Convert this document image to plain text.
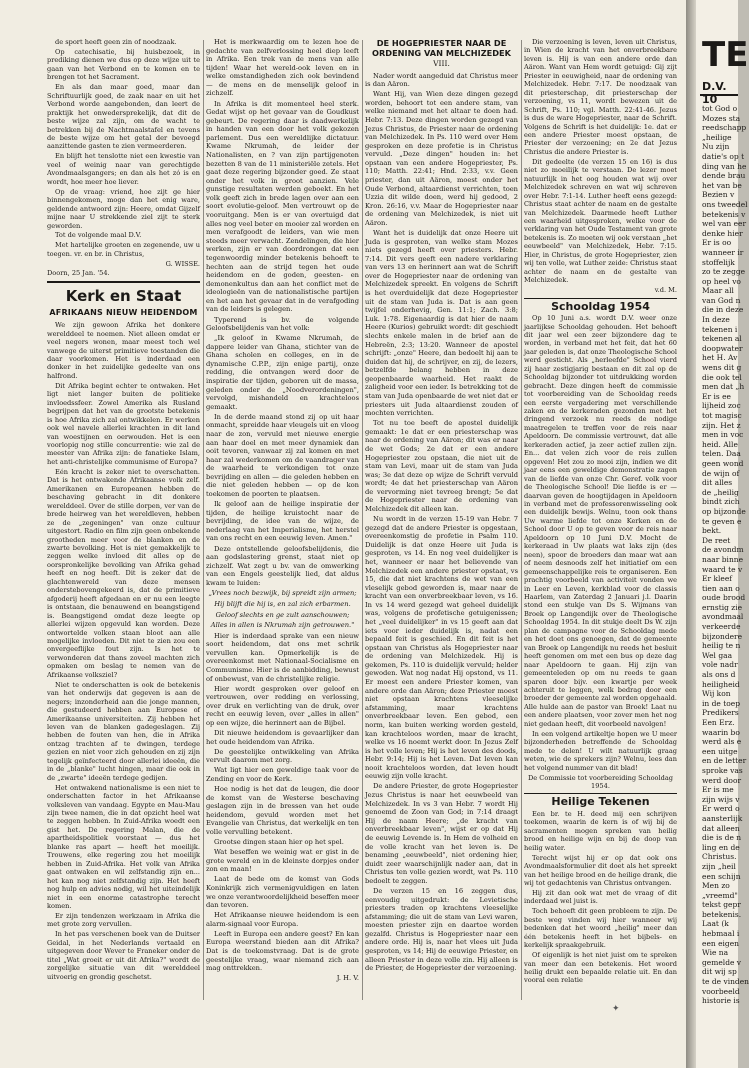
de sport heeft geen zin of noodzaak.

Op catechisatie, bij huisbezoek, in prediking dienen we dus op deze wijze uit te gaan van het Verbond en te komen en te brengen tot het Sacrament.

En als dan maar goed, maar dan Schriftuurlijk goed, de zaak naar en uit het Verbond worde aangebonden, dan leert de praktijk het onwedersprekelijk, dat dit de beste wijze zal zijn, om de wacht te betrekken bij de Nachtmaalstafel en tevens de beste wijze om het getal der bevoegd aanzittende gasten te zien vermeerderen.

En blijft het tenslotte niet een kwestie van veel of weinig naar van gerechtigde Avondmaalsgangers; en dan als het zó is en wordt, hoe meer hoe liever.

Op de vraag: vriend, hoe zijt ge hier binnengekomen, moge dan het enig ware, geldende antwoord zijn: Heere, omdat Gijzelf mijne naar U strekkende ziel zijt te sterk geworden.

Tot de volgende maal D.V.

Met hartelijke groeten en zegenende, uw u toegen. vr. en br. in Christus,

G. WISSE.
Doorn, 25 Jan. '54.
Kerk en Staat
AFRIKAANS NIEUW HEIDENDOM

We zijn gewoon Afrika het donkere werelddeel te noemen. Niet alleen omdat er veel negers wonen, maar meest toch wel vanwege de uiterst primitieve toestanden die daar voorkomen. Het is inderdaad een donker in het zuidelijke gedeelte van ons halfrond.

Dit Afrika begint echter te ontwaken. Het ligt niet langer buiten de politieke invloedssfeer. Zowel Amerika als Rusland begrijpen dat het van de grootste betekenis is hoe Afrika zich zal ontwikkelen. Er werken ook wel navele allerlei krachten in dit land van woestijnen en oerwouden. Het is een voorlopig nog stille concurrentie: wie zal de meester van Afrika zijn: de fanatieke Islam, het anti-christelijke communisme of Europa?

Eén kracht is zeker niet te overschatten. Dat is het ontwakende Afrikaanse volk zelf. Amerikanen en Europeanen hebben de beschaving gebracht in dit donkere werelddeel. Over de stille dorpen, ver van de brede heirweg van het wereldleven, hebben ze de „zegeningen" van onze cultuur uitgestort. Radio en film zijn geen onbekende grootheden meer voor de blanken en de zwarte bevolking. Het is niet gemakkelijk te zeggen welke invloed dit alles op de oorspronkelijke bevolking van Afrika gehad heeft en nog heeft. Dit is zeker dat de glachtenwereld van deze mensen onderstebovengekeerd is, dat de primitieve afgoderij heeft afgedaan en er nu een leegte is ontstaan, die benauwend en beangstigend is. Beangstigend omdat deze leegte op allerlei wijzen opgevuld kan worden. Deze ontwortelde volken staan bloot aan alle mogelijke invloeden. Dit niet te zien zou een onvergeeflijke fout zijn. Is het te verwonderen dat thans zoveel machten zich opmaken om beslag te nemen van de Afrikaanse volksziel?

Niet te onderschatten is ook de betekenis van het onderwijs dat gegeven is aan de negers; inzonderheid aan die jonge mannen, die gestudeerd hebben aan Europese of Amerikaanse universiteiten. Zij hebben het leven van de blanken gadegeslagen. Zij hebben de fouten van hen, die in Afrika ontzag trachten af te dwingen, terdege gezien en niet voor zich gehouden en zij zijn tegelijk geïnfecteerd door allerlei ideeën, die in de „blanke" lucht hingen, maar die ook in de „zwarte" ideeën terdege gedijen.

Het ontwakend nationalisme is een niet te onderschatten factor in het Afrikaanse volksleven van vandaag. Egypte en Mau-Mau zijn twee namen, die in dat opzicht heel wat te zeggen hebben. In Zuid-Afrika woedt een gist het. De regering Malan, die de apartheidspolitiek voorstaat — dus het blanke ras apart — heeft het moeilijk. Trouwens, elke regering zou het moeilijk hebben in Zuid-Afrika. Het volk van Afrika gaat ontwaken en wil zelfstandig zijn en... het kan nog niet zelfstandig zijn. Het heeft nog hulp en advies nodig, wil het uiteindelijk niet in een enorme catastrophe terecht komen.

Er zijn tendenzen werkzaam in Afrika die met grote zorg vervullen.

In het pas verschenen boek van de Duitser Geidal, in het Nederlands vertaald en uitgegeven door Wever te Franeker onder de titel „Wat groeit er uit dit Afrika?" wordt de zorgelijke situatie van dit werelddeel uitvoerig en grondig geschetst.

Het is merkwaardig om te lezen hoe de gedachte van zelfverlossing heel diep leeft in Afrika. Een trek van de mens van alle tijden! Waar het wereld-ook leven en in welke omstandigheden zich ook bevindend — de mens en de menselijk geloof in zichzelf.

In Afrika is dit momenteel heel sterk. Gedat wijst op het gevaar van de Goudkust gebeurt. De regering daar is daadwerkelijk in handen van een door het volk gekozen parlement. Dus een wereldlijke dictatuur. Kwame Nkrumah, de leider der Nationalisten, en ? van zijn partijgenoten bezetten 8 van de 11 ministeriële zetels. Het gaat deze regering bijzonder goed. Ze staat onder het volk in groot aanzien. Vele gunstige resultaten werden geboekt. En het volk geeft zich in brede lagen over aan een soort evolutie-geloof. Men vertrouwt op de vooruitgang. Men is er van overtuigd dat alles nog veel beter en mooier zal worden en men verafgoodt de leiders, van wie men steeds meer verwacht. Zendelingen, die hier werken, zijn er van doordrongen dat een tegenwoordig minder betekenis behoeft te hechten aan de strijd tegen het oude heidendom en de goden, geesten- en demonenkultus dan aan het conflict met de ideologieën van de nationalistische partijen en het aan het gevaar dat in de verafgoding van de leiders is gelegen.

Typerend is bv. de volgende Geloofsbelijdenis van het volk:

„Ik geloof in Kwame Nkrumah, de dappere leider van Ghana, stichter van de Ghana scholen en colleges, en in de dynamische C.P.P., zijn enige partij, onze redding, die ontvangen werd door de inspiratie der tijden, geboren uit de massa, geleden onder de „Noodverordeningen", vervolgd, mishandeld en krachteloos gemaakt.

In de derde maand stond zij op uit haar onmacht, spreidde haar vleugels uit en vloog naar de zon, vervuld met nieuwe energie aan haar doel en met meer dynamiek dan ooit tevoren, vanwaar zij zal komen en met haar zal wederkomen om de vaandrager van de waarheid te verkondigen tot onze bevrijding en allen — die geleden hebben en die niet geleden hebben — op de kon toekomen de poorten te plaatsen.

Ik geloof aan de heilige inspiratie der tijden, de heilige kruistocht naar de bevrijding, de idee van de wijze, de nederlaag van het Imperialisme, het herstel van ons recht en een eeuwig leven. Amen."

Deze ontstellende geloofsbelijdenis, die aan godslastering grenst, staat niet op zichzelf. Wat zegt u bv. van de omwerking van een Engels geestelijk lied, dat aldus kwam te luiden:

„Vrees noch bezwijk, bij spreidt zijn armen;
Hij blijft die hij is, en zal zich erbarmen.
Geloof slechts en ge zult aanschouwen;
Alles in allen is Nkrumah zijn getrouwen."

Hier is inderdaad sprake van een nieuw soort heidendom, dat ons met schrik vervullen kan. Opmerkelijk is de overeenkomst met Nationaal-Socialisme en Communisme. Hier is de aanbidding, bewust of onbewust, van de christelijke religie.

Hier wordt gesproken over geloof en vertrouwen, over redding en verlossing, over druk en verlichting van de druk, over recht en eeuwig leven, over „alles in allen" op een wijze, die herinnert aan de Bijbel.

Dit nieuwe heidendom is gevaarlijker dan het oude heidendom van Afrika.

De geestelijke ontwikkeling van Afrika vervult daarom met zorg.

Wat ligt hier een geweldige taak voor de Zending en voor de Kerk.

Hoe nodig is het dat de leugen, die door de komst van de Westerse beschaving geslagen zijn in de bressen van het oude heidendom, gevuld worden met het Evangelie van Christus, dat werkelijk en ten volle vervulling betekent.

Grootse dingen staan hier op het spel.

Wat beseffen we weinig wat er gist in de grote wereld en in de kleinste dorpjes onder zon en maan!

Laat de bede om de komst van Gods Koninkrijk zich vermenigvuldigen en laten we onze verantwoordelijkheid beseffen meer dan tevoren.

Het Afrikaanse nieuwe heidendom is een alarm-signaal voor Europa.

Leeft in Europa een andere geest? En kan Europa weerstand bieden aan dit Afrika? Dat is de toekomstvraag. Dat is de grote geestelijke vraag, waar niemand zich aan mag onttrekken.

J. H. V.
DE HOGEPRIESTER NAAR DE ORDENING VAN MELCHIZEDEK
VIII.

Nader wordt aangeduid dat Christus meer is dan Aäron.

Want Hij, van Wien deze dingen gezegd worden, behoort tot een andere stam, van welke niemand met het altaar te doen had. Hebr. 7:13. Deze dingen worden gezegd van Jezus Christus, de Priester naar de ordening van Melchizedek. In Ps. 110 werd over Hem gesproken en deze profetie is in Christus vervuld. „Deze dingen" houden in: het opstaan van een andere Hogepriester, Ps. 110; Matth. 22:41; Hnd. 2:33, v.v. Geen priester, dan uit Aäron, moest onder het Oude Verbond, altaardienst verrichten, toen Uzzia dit wilde doen, werd hij gedood, 2 Kron. 26:16, v.v. Maar de Hogepriester naar de ordening van Melchizedek, is niet uit Aäron.

Want het is duidelijk dat onze Heere uit Juda is gesproten, van welke stam Mozes niets gezegd heeft over priesters. Hebr. 7:14. Dit vers geeft een nadere verklaring van vers 13 en herinnert aan wat de Schrift over de Hogepriester naar de ordening van Melchizedek spreekt. En volgens de Schrift is het overduidelijk dat deze Hogepriester uit de stam van Juda is. Dat is aan geen twijfel onderhevig, Gen. 11:1; Zach. 3:8; Luk. 1:78. Eigenaardig is dat hier de naam Heere (Kurios) gebruikt wordt: dit geschiedt slechts enkele malen in de brief aan de Hebreën, 2:3; 13:20. Wanneer de apostel schrijft: „onze" Heere, dan bedoelt hij aan te duiden dat hij, de schrijver, en zij, de lezers, betzelfde belang hebben in deze geopenbaarde waarheid. Het raakt de zaligheid voor een ieder. Is betrekking tot de stam van Juda openbaarde de wet niet dat er priesters uit Juda altaardienst zouden of mochten verrichten.

Tot nu toe beeft de apostel duidelijk gemaakt: 1e dat er een priesterschap was naar de ordening van Aäron; dit was er naar de wet Gods; 2e dat er een andere Hogepriester zou opstaan, die niet uit de stam van Levi, maar uit de stam van Juda was; 3e dat deze op wijze de Schrift vervuld wordt; 4e dat het priesterschap van Aäron de vervorming niet tevreeg brengt; 5e dat de Hogepriester naar de ordening van Melchizedek dit alleen kan.

Nu wordt in de verzen 15-19 van Hebr. 7 gezegd dat de andere Priester is opgestaan, overeenkomstig de profetie in Psalm 110. Duidelijk is dat onze Heere uit Juda is gesproten, vs 14. En nog veel duidelijker is het, wanneer er naar het believende van Melchizedek een andere priester opstaat, vs 15, die dat niet krachtens de wet van een vleselijk gebod geworden is, maar naar de kracht van een onverbreekbaar leven, vs 16. In vs 14 werd gezegd wat geheel duidelijk was, volgens de profetische getuigenissen; het „veel duidelijker" in vs 15 geeft aan dat iets voor ieder duidelijk is, nadat een bepaald feit is geschied. En dit feit is het opstaan van Christus als Hogepriester naar de ordening van Melchizedek. Hij is gekomen, Ps. 110 is duidelijk vervuld; helder gewoden. Wat nog nadat Hij opstond, vs 11. Er moest een andere Priester komen, van andere orde dan Aäron; deze Priester moest niet opstaan krachtens vleeselijke afstamming, maar krachtens onverbreekbaar leven. Een gebod, een norm, kan buiten werking worden gesteld, kan krachteloos worden, maar de kracht, welke vs 16 noemt werkt door. In Jezus Zelf is het volle leven; Hij is het leven des doods, Hebr. 9:14; Hij is het Leven. Dat leven kan nooit krachteloos worden, dat leven houdt eeuwig zijn volle kracht.

De andere Priester, de grote Hogepriester Jezus Christus is naar het eeuwbeeld van Melchizedek. In vs 3 van Hebr. 7 wordt Hij genoemd de Zoon van God; in 7:14 draagt Hij de naam Heere; „de kracht van onverbreekbaar leven", wijst er op dat Hij de eeuwig Levende is. In Hem de volheid en de volle kracht van het leven is. De benaming „eeuwbeeld", niet ordening hier, duidt zeer waarschijnlijk nader aan, dat in Christus ten volle gezien wordt, wat Ps. 110 bedoelt te zeggen.

De verzen 15 en 16 zeggen dus, eenvoudig uitgedrukt: de Levietische priesters traden op krachtens vleeselijke afstamming; die uit de stam van Levi waren, moesten priester zijn en daartoe worden gezalfd. Christus is Hogepriester naar een andere orde. Hij is, naar het vlees uit Juda gesproten, vs 14; Hij de eeuwige Priester, en alleen Priester in deze volle zin. Hij alleen is de Priester, de Hogepriester der verzoening.

Die verzoening is leven, leven uit Christus, in Wien de kracht van het onverbreekbare leven is. Hij is van een andere orde dan Aäron. Want van Hem wordt getuigd: Gij zijt Priester in eeuwigheid, naar de ordening van Melchizedek. Hebr. 7:17. De noodzaak van dit priesterschap, dit priesterschap der verzoening, vs 11, wordt bewezen uit de Schrift, Ps. 110; vgl. Matth. 22:41-46. Jezus is dus de ware Hogepriester, naar de Schrift. Volgens de Schrift is het duidelijk: 1e. dat er een andere Priester moest opstaan, de Priester der verzoening; en 2e dat Jezus Christus die andere Priester is.

Dit gedeelte (de verzen 15 en 16) is dus niet zo moeilijk te verstaan. De lezer moet natuurlijk in het oog houden wat wij over Melchizedek schreven en wat wij schreven over Hebr. 7:1-14. Luther heeft eens gezegd: Christus staat achter de naam en de gestalte van Melchizedek. Daarmede heeft Luther een waarheid uitgesproken, welke voor de verklaring van het Oude Testament van grote betekenis is. Zo moeten wij ook verstaan „het eeuwbeeld" van Melchizedek, Hebr. 7:15. Hier, in Christus, de grote Hogepriester, zien wij ten volle, wat Luther zeide: Christus staat achter de naam en de gestalte van Melchizedek.

v.d. M.
Schooldag 1954

Op 10 Juni a.s. wordt D.V. weer onze jaarlijkse Schooldag gehouden. Het behoeft dit jaar wel een zeer bijzondere dag te worden, in verband met het feit, dat het 60 jaar geleden is, dat onze Theologische School werd gesticht. Als „herleefde" School vierd zij haar zestigjarig bestaan en dit zal op de Schooldag bijzonder tot uitdrukking worden gebracht. Deze dingen heeft de commissie tot voorbereiding van de Schooldag reeds een eerste vergadering met verschillende zaken en de kerkeraden gezonden met het dringend verzoek nu reeds de nodige maatregelen te treffen voor de reis naar Apeldoorn. De commissie vertrouwt, dat alle kerkeraden actief, ja zeer actief zullen zijn. En... dat velen zich voor de reis zullen opgeven! Het zou zo mooi zijn, indien we dit jaar eens een geweldige demonstratie zagen van de liefde van onze Chr. Geref. volk voor de Theologische School! Die liefde is er — daarvan geven de hoogtijdagen in Apeldoorn in verband met de professorenwisseling ook een duidelijk bewijs. Welnu, toon ook thans Uw warme liefde tot onze Kerken en de School door U op te geven voor de reis naar Apeldoorn op 10 Juni D.V. Mocht de kerkeraad in Uw plaats wat laks zijn (des neen), spoor de broeders dan maar wat aan of neem desnoods zelf het initiatief om een gemeenschappelijke reis te organiseren. Een prachtig voorbeeld van activiteit vonden we in Leer en Leven, kerkblad voor de classis Haarlem, van Zaterdag 2 Januari j.l. Daarin stond een stukje van Ds S. Wijmans van Broek op Langendijk over de Theologische Schooldag 1954. In dit stukje deelt Ds W. zijn plan de campagne voor de Schooldag mede en het doet ons genoegen, dat de gemeente van Broek op Langendijk nu reeds het besluit heeft genomen om met een bus op deze dag naar Apeldoorn te gaan. Hij zijn van gemeenteleden op om nu reeds te gaan sparen door bijv. een kwartje per week achteruit te leggen, welk bedrag door een broeder der gemeente zal worden opgehaald. Alle hulde aan de pastor van Broek! Laat nu een andere plaatsen, voor zover men het nog niet gedaan heeft, dit voorbeeld navolgen!

In een volgend artikeltje hopen we U meer bijzonderheden betreffende de Schooldag mede te delen! U wilt natuurlijk graag weten, wie de sprekers zijn? Welnu, lees dan het volgend nummer van dit blad!

De Commissie tot voorbereiding Schooldag 1954.
Heilige Tekenen

Een br. te H. deed mij een schrijven toekomen, waarin de kern is of wij bij de sacramenten mogen spreken van heilig brood en heilige wijn en bij de doop van heilig water.

Terecht wijst hij er op dat ook ons Avondmaalsformulier dit doet als het spreekt van het heilige brood en de heilige drank, die wij tot gedachtenis van Christus ontvangen.

Hij zit dan ook wat met de vraag of dit inderdaad wel juist is.

Toch behoeft dit geen probleem te zijn. De beste weg vinden wij hier wanneer wij bedenken dat het woord „heilig" meer dan één betekenis heeft in het bijbels- en kerkelijk spraakgebruik.

Of eigenlijk is het niet juist om te spreken van meer dan een betekenis. Het woord heilig drukt een bepaalde relatie uit. En dan vooral een relatie

✦
TE
D.V. 10
tot God o
Mozes sta
reedschapp
„heilige
Nu zijn
datie's op t
ding van he
dende brau
het van be
Bezien v
ons tweedel
betekenis v
wel van eer
denke hier
Er is oo
wanneer ir
stoffelijk
zo te zegge
op heel vo
Maar all
van God n
die in deze
In deze
tekenen i
tekenen al
doopwater
het H. Av
wens dit g
die ook tel
men dat „h
Er is ee
lijheid zoc
tot magisc
zijn. Het z
men in voc
heid. Alle
telen. Daa
geen wond
de wijn of
dit alles
de „heilig
bindt zich
op bijzonde
te geven e
bekt.
De reet
de avondm
naar binne
waard te v
Er kleef
tien aan o
oude brood
ernstig zie
avondmaal
verkeerde
bijzondere
heilig te n
Wel gaa
vole nadr
als ons d
heiligheid
Wij kon
in de toep
Predikers
Een Erz.
waarin bo
werd als e
een uitge
en de letter
sproke vas
werd door
Er is me
zijn wijs v
Er werd o
aansterlijk
dat alleen
die is de n
ling en de
Christus.
zijn „heil
een schijn
Men zo
„vreemd"
tekst gepr
betekenis.
Laat (k
hebmaal i
een eigen
Wie na
gemelde v
dit wij sp
te de vinden
voorbeeld
historie is
